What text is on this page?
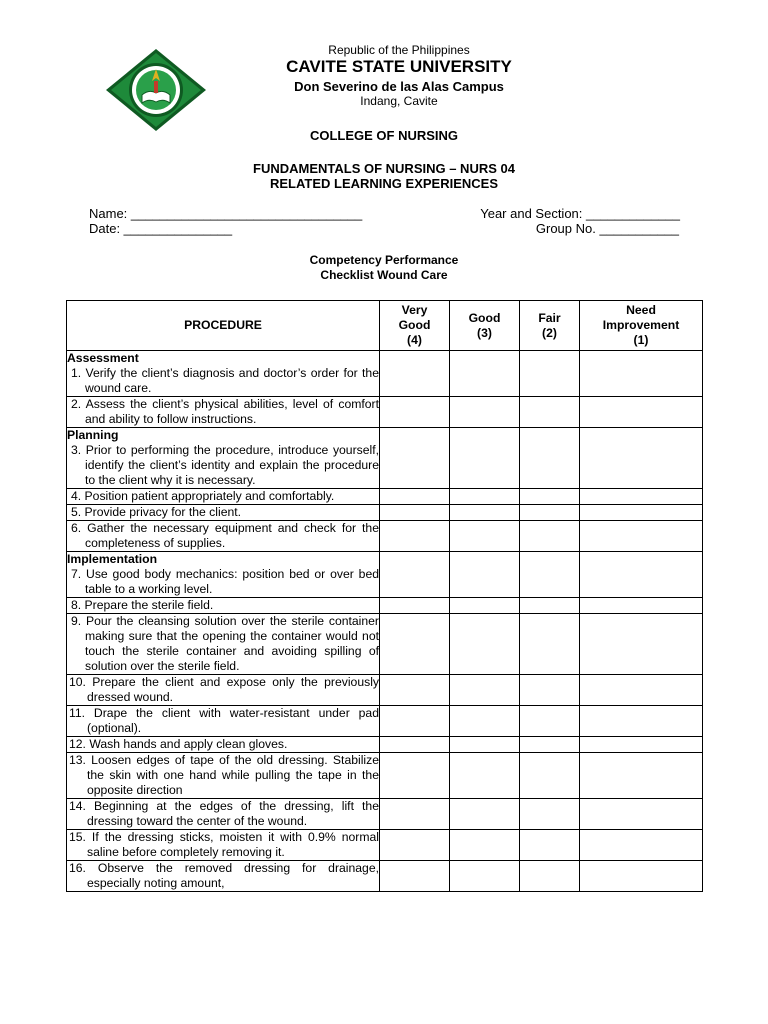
Republic of the Philippines
CAVITE STATE UNIVERSITY
Don Severino de las Alas Campus
Indang, Cavite
COLLEGE OF NURSING
FUNDAMENTALS OF NURSING – NURS 04
RELATED LEARNING EXPERIENCES
Name: ________________________________
Date: _______________
Year and Section: _____________
Group No. ___________
Competency Performance
Checklist Wound Care
PROCEDURE	Very
Good
(4)	Good
(3)	Fair
(2)	Need
Improvement
(1)

Assessment
1. Verify the client’s diagnosis and doctor’s order for the wound care.				

2. Assess the client’s physical abilities, level of comfort and ability to follow instructions.				

Planning
3. Prior to performing the procedure, introduce yourself, identify the client’s identity and explain the procedure to the client why it is necessary.				

4. Position patient appropriately and comfortably.				

5. Provide privacy for the client.				

6. Gather the necessary equipment and check for the completeness of supplies.				

Implementation
7. Use good body mechanics: position bed or over bed table to a working level.				

8. Prepare the sterile field.				

9. Pour the cleansing solution over the sterile container making sure that the opening the container would not touch the sterile container and avoiding spilling of solution over the sterile field.				

10. Prepare the client and expose only the previously dressed wound.				

11. Drape the client with water-resistant under pad (optional).				

12. Wash hands and apply clean gloves.				

13. Loosen edges of tape of the old dressing. Stabilize the skin with one hand while pulling the tape in the opposite direction				

14. Beginning at the edges of the dressing, lift the dressing toward the center of the wound.				

15. If the dressing sticks, moisten it with 0.9% normal saline before completely removing it.				

16. Observe the removed dressing for drainage, especially noting amount,				
